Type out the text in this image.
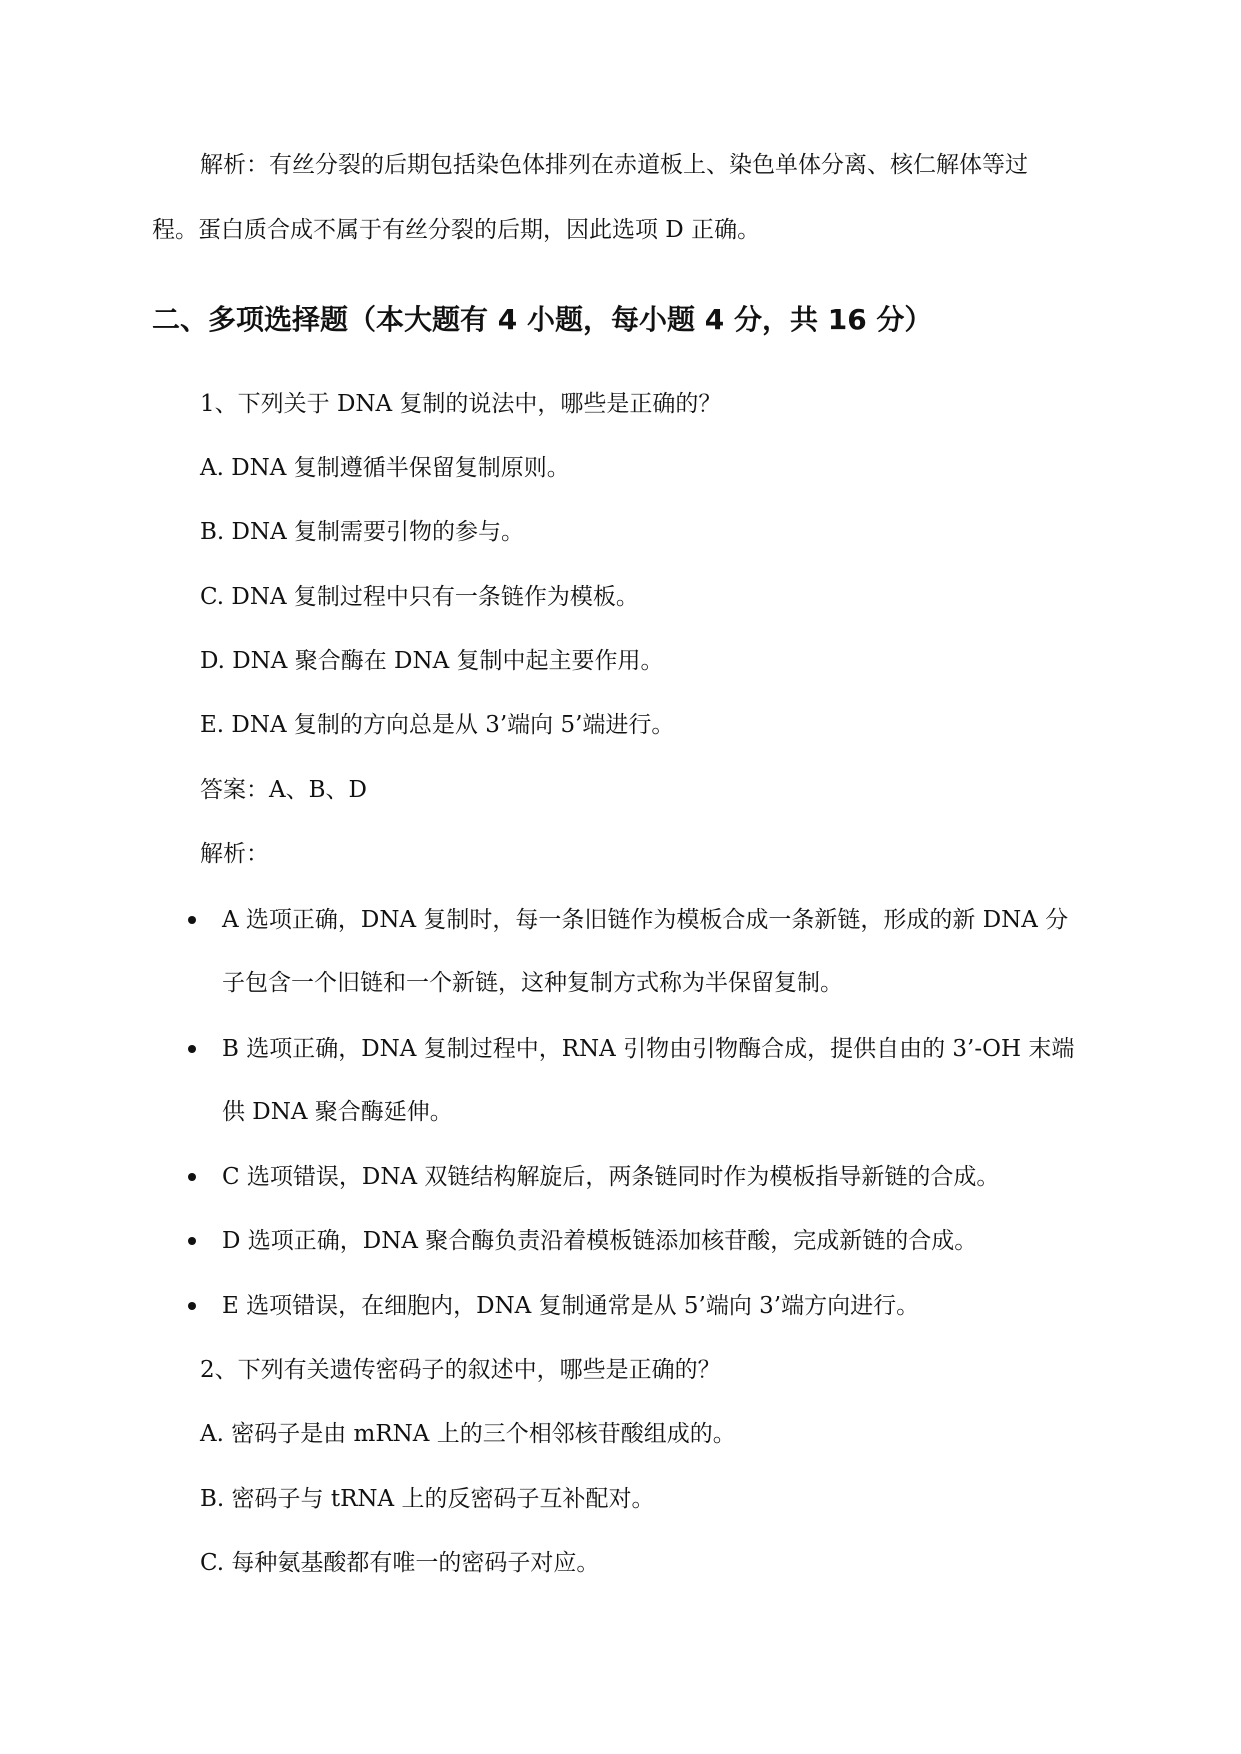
解析：有丝分裂的后期包括染色体排列在赤道板上、染色单体分离、核仁解体等过
程。蛋白质合成不属于有丝分裂的后期，因此选项 D 正确。
二、多项选择题（本大题有 4 小题，每小题 4 分，共 16 分）
1、下列关于 DNA 复制的说法中，哪些是正确的？
A. DNA 复制遵循半保留复制原则。
B. DNA 复制需要引物的参与。
C. DNA 复制过程中只有一条链作为模板。
D. DNA 聚合酶在 DNA 复制中起主要作用。
E. DNA 复制的方向总是从 3’端向 5’端进行。
答案：A、B、D
解析：
A 选项正确，DNA 复制时，每一条旧链作为模板合成一条新链，形成的新 DNA 分
子包含一个旧链和一个新链，这种复制方式称为半保留复制。
B 选项正确，DNA 复制过程中，RNA 引物由引物酶合成，提供自由的 3’-OH 末端
供 DNA 聚合酶延伸。
C 选项错误，DNA 双链结构解旋后，两条链同时作为模板指导新链的合成。
D 选项正确，DNA 聚合酶负责沿着模板链添加核苷酸，完成新链的合成。
E 选项错误，在细胞内，DNA 复制通常是从 5’端向 3’端方向进行。
2、下列有关遗传密码子的叙述中，哪些是正确的？
A. 密码子是由 mRNA 上的三个相邻核苷酸组成的。
B. 密码子与 tRNA 上的反密码子互补配对。
C. 每种氨基酸都有唯一的密码子对应。
